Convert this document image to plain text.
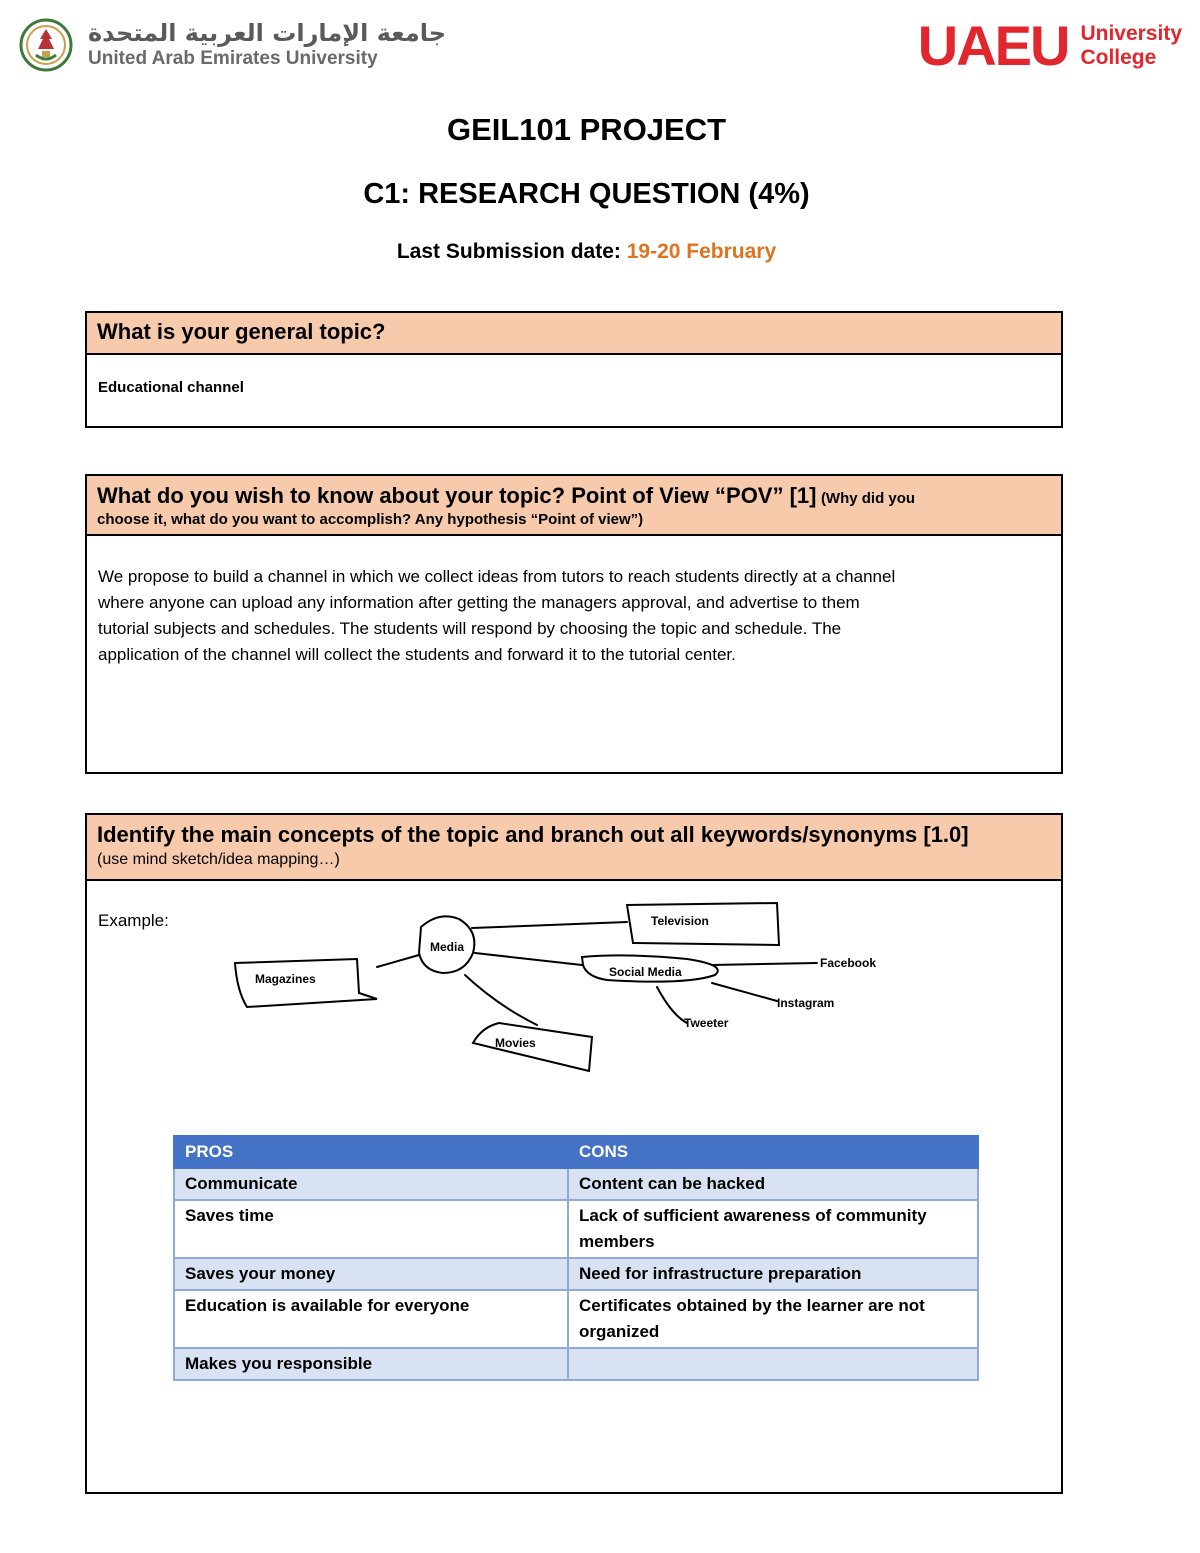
جامعة الإمارات العربية المتحدة
United Arab Emirates University	UAEU University
College
GEIL101 PROJECT
C1: RESEARCH QUESTION (4%)
Last Submission date: 19-20 February
What is your general topic?
Educational channel
What do you wish to know about your topic? Point of View “POV” [1] (Why did you
choose it, what do you want to accomplish? Any hypothesis “Point of view”)
We propose to build a channel in which we collect ideas from tutors to reach students directly at a channel
where anyone can upload any information after getting the managers approval, and advertise to them
tutorial subjects and schedules. The students will respond by choosing the topic and schedule. The
application of the channel will collect the students and forward it to the tutorial center.
Identify the main concepts of the topic and branch out all keywords/synonyms [1.0]
(use mind sketch/idea mapping…)
Example:
Media
Television
Magazines	Social Media
Facebook
Instagram
Tweeter
Movies
PROS	CONS
Communicate	Content can be hacked
Saves time	Lack of sufficient awareness of community members
Saves your money	Need for infrastructure preparation
Education is available for everyone	Certificates obtained by the learner are not organized
Makes you responsible	
